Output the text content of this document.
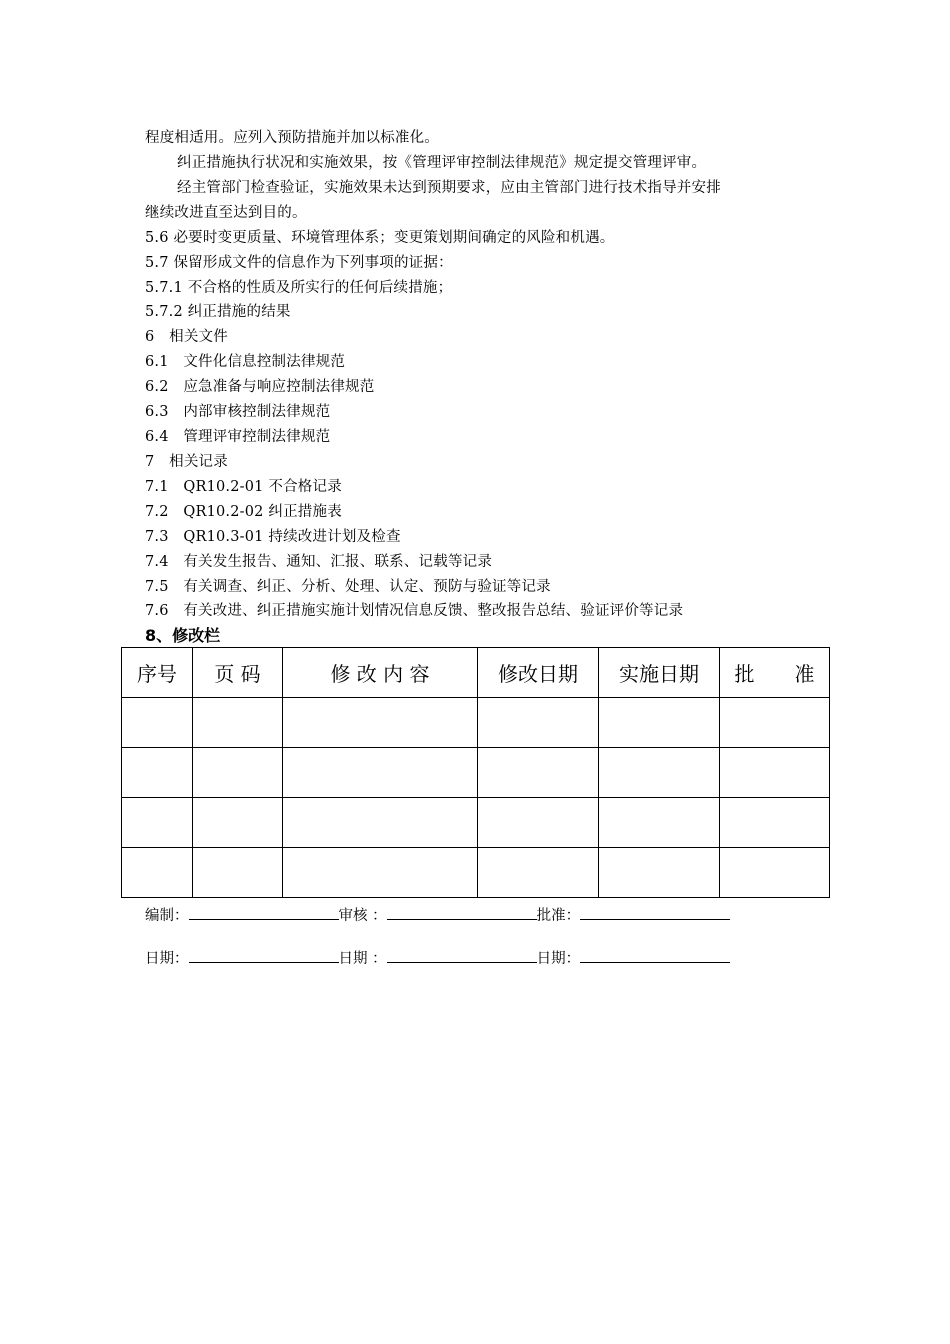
程度相适用。应列入预防措施并加以标准化。
纠正措施执行状况和实施效果，按《管理评审控制法律规范》规定提交管理评审。
经主管部门检查验证，实施效果未达到预期要求，应由主管部门进行技术指导并安排
继续改进直至达到目的。
5.6 必要时变更质量、环境管理体系；变更策划期间确定的风险和机遇。
5.7 保留形成文件的信息作为下列事项的证据：
5.7.1 不合格的性质及所实行的任何后续措施；
5.7.2 纠正措施的结果
6　相关文件
6.1　文件化信息控制法律规范
6.2　应急准备与响应控制法律规范
6.3　内部审核控制法律规范
6.4　管理评审控制法律规范
7　相关记录
7.1　QR10.2-01 不合格记录
7.2　QR10.2-02 纠正措施表
7.3　QR10.3-01 持续改进计划及检查
7.4　有关发生报告、通知、汇报、联系、记载等记录
7.5　有关调查、纠正、分析、处理、认定、预防与验证等记录
7.6　有关改进、纠正措施实施计划情况信息反馈、整改报告总结、验证评价等记录
8、修改栏
序号	页 码	修 改 内 容	修改日期	实施日期	批　　准

编制：	审核 ：	批准：
日期：	日期 ：	日期：
